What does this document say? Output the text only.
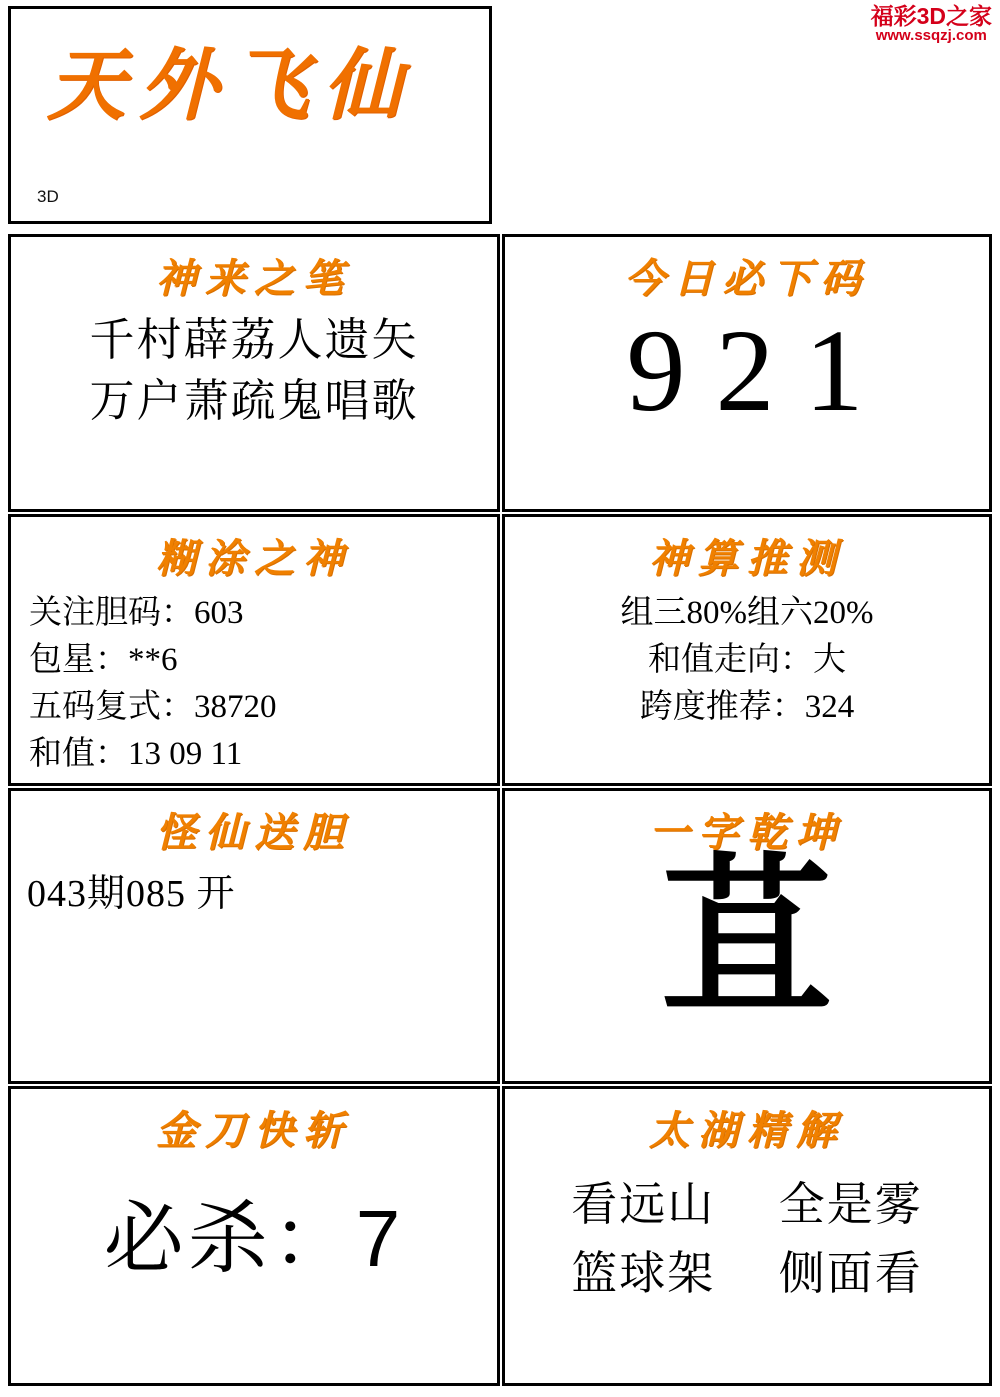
福彩3D之家
www.ssqzj.com
天外飞仙
3D
神来之笔
千村薜荔人遗矢
万户萧疏鬼唱歌
今日必下码
921
糊涂之神
关注胆码：603
包星：**6
五码复式：38720
和值：13 09 11
神算推测
组三80%组六20%
和值走向：大
跨度推荐：324
怪仙送胆
043期085 开
一字乾坤
苴
金刀快斩
必杀：7
太湖精解
看远山 全是雾
篮球架 侧面看
